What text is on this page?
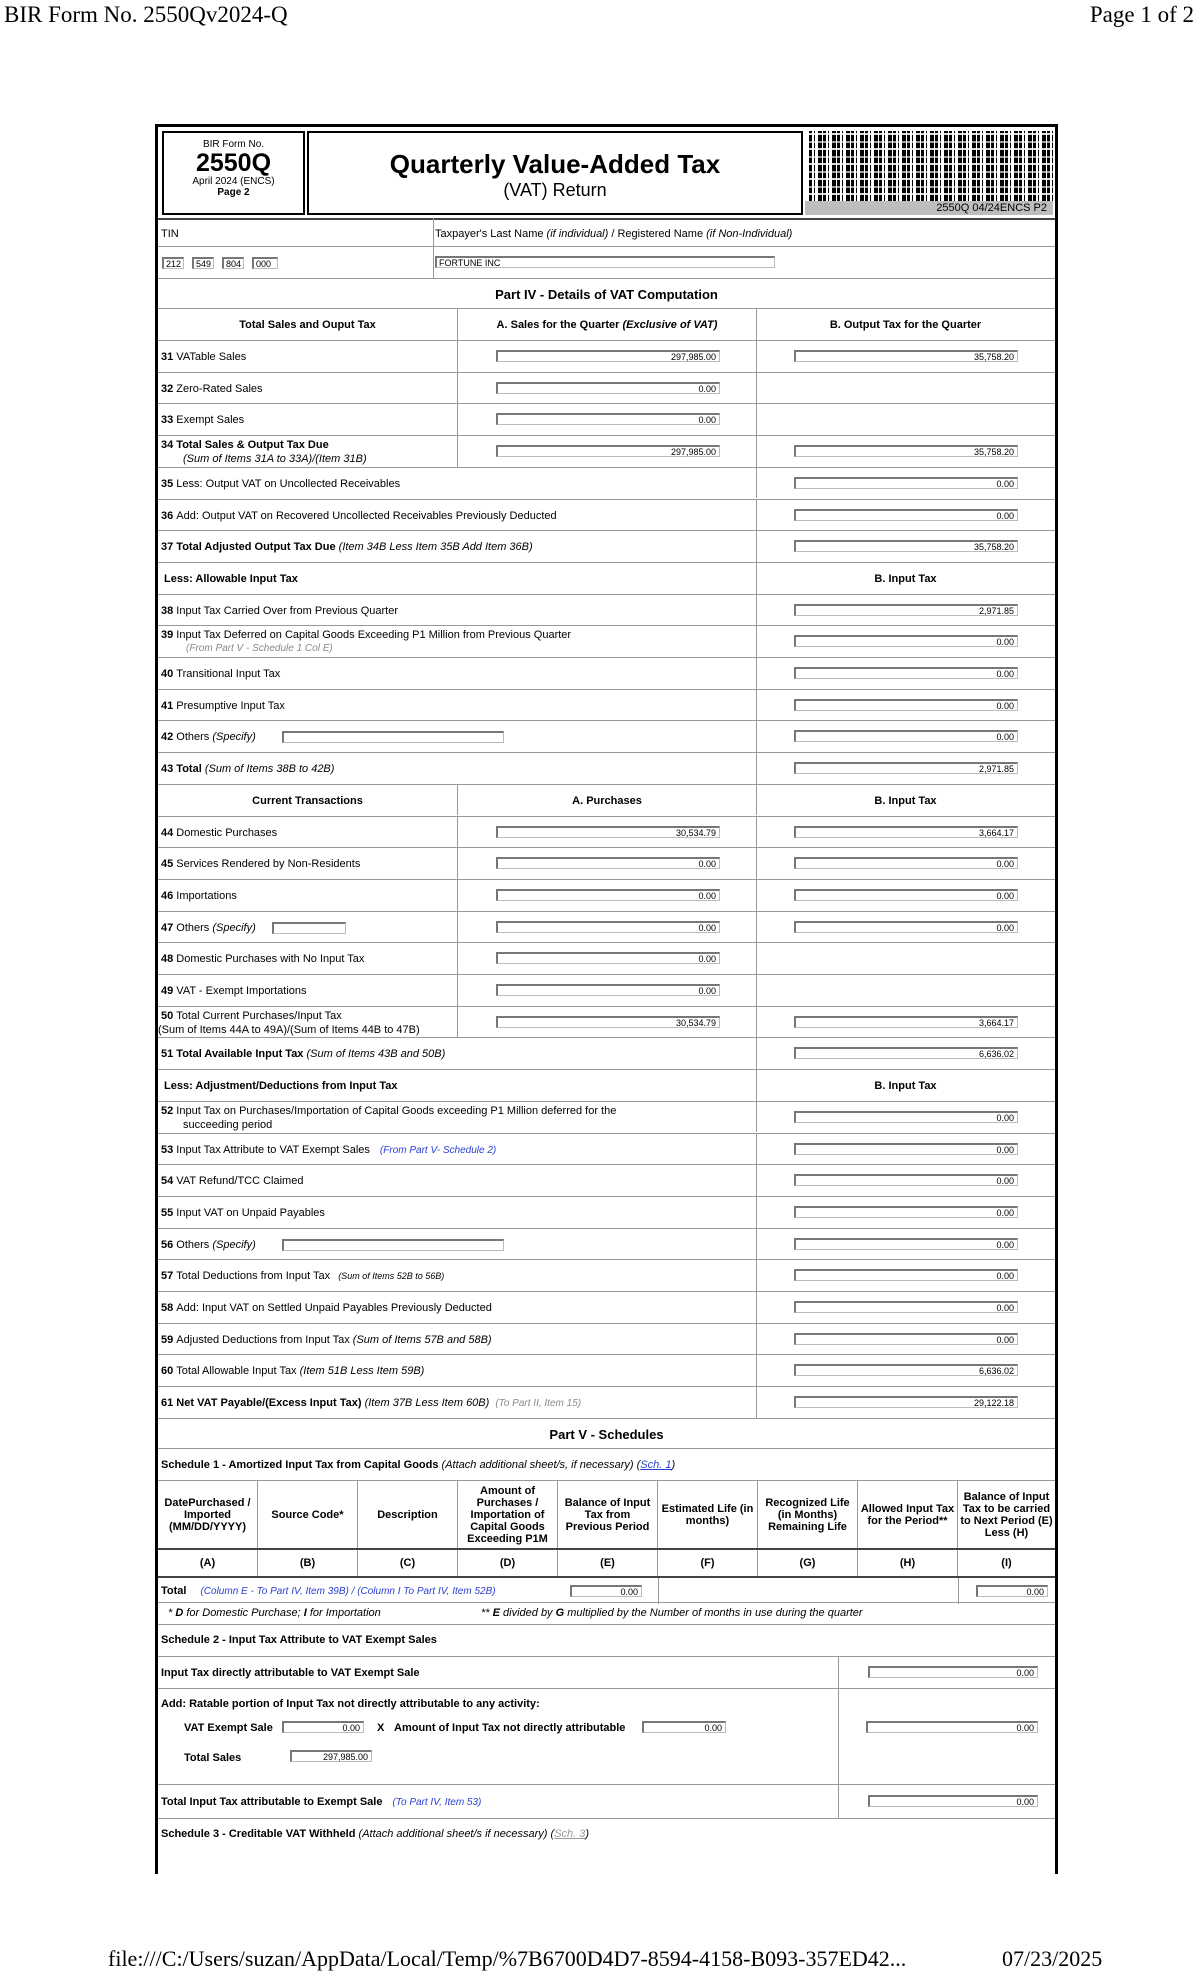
BIR Form No. 2550Qv2024-Q	Page 1 of 2
BIR Form No.
2550Q
April 2024 (ENCS)
Page 2
Quarterly Value-Added Tax
(VAT) Return
2550Q 04/24ENCS P2
TIN	Taxpayer's Last Name (if individual) / Registered Name (if Non-Individual)
212	549	804	000	FORTUNE INC
Part IV - Details of VAT Computation
Total Sales and Ouput Tax	A. Sales for the Quarter (Exclusive of VAT)	B. Output Tax for the Quarter
31 VATable Sales	297,985.00	35,758.20
32 Zero-Rated Sales	0.00
33 Exempt Sales	0.00
34 Total Sales & Output Tax Due
(Sum of Items 31A to 33A)/(Item 31B)
297,985.00	35,758.20
35 Less: Output VAT on Uncollected Receivables	0.00
36 Add: Output VAT on Recovered Uncollected Receivables Previously Deducted	0.00
37 Total Adjusted Output Tax Due (Item 34B Less Item 35B Add Item 36B)	35,758.20
Less: Allowable Input Tax	B. Input Tax
38 Input Tax Carried Over from Previous Quarter	2,971.85
39 Input Tax Deferred on Capital Goods Exceeding P1 Million from Previous Quarter
(From Part V - Schedule 1 Col E)
0.00
40 Transitional Input Tax	0.00
41 Presumptive Input Tax	0.00
42 Others (Specify)	0.00
43 Total (Sum of Items 38B to 42B)	2,971.85
Current Transactions	A. Purchases	B. Input Tax
44 Domestic Purchases	30,534.79	3,664.17
45 Services Rendered by Non-Residents	0.00	0.00
46 Importations	0.00	0.00
47 Others (Specify)	0.00	0.00
48 Domestic Purchases with No Input Tax	0.00
49 VAT - Exempt Importations	0.00
50 Total Current Purchases/Input Tax
(Sum of Items 44A to 49A)/(Sum of Items 44B to 47B)
30,534.79	3,664.17
51 Total Available Input Tax (Sum of Items 43B and 50B)	6,636.02
Less: Adjustment/Deductions from Input Tax	B. Input Tax
52 Input Tax on Purchases/Importation of Capital Goods exceeding P1 Million deferred for the
succeeding period
0.00
53 Input Tax Attribute to VAT Exempt Sales (From Part V- Schedule 2)	0.00
54 VAT Refund/TCC Claimed	0.00
55 Input VAT on Unpaid Payables	0.00
56 Others (Specify)	0.00
57 Total Deductions from Input Tax (Sum of Items 52B to 56B)	0.00
58 Add: Input VAT on Settled Unpaid Payables Previously Deducted	0.00
59 Adjusted Deductions from Input Tax (Sum of Items 57B and 58B)	0.00
60 Total Allowable Input Tax (Item 51B Less Item 59B)	6,636.02
61 Net VAT Payable/(Excess Input Tax) (Item 37B Less Item 60B) (To Part II, Item 15)	29,122.18
Part V - Schedules
Schedule 1 - Amortized Input Tax from Capital Goods (Attach additional sheet/s, if necessary) (Sch. 1)
DatePurchased / Imported (MM/DD/YYYY)
Source Code*	Description
Amount of Purchases / Importation of Capital Goods Exceeding P1M
Balance of Input Tax from Previous Period
Estimated Life (in months)
Recognized Life (in Months) Remaining Life
Allowed Input Tax for the Period**
Balance of Input Tax to be carried to Next Period (E) Less (H)
(A)	(B)	(C)	(D)	(E)	(F)	(G)	(H)	(I)
Total (Column E - To Part IV, Item 39B) / (Column I To Part IV, Item 52B)	0.00	0.00
* D for Domestic Purchase; I for Importation	** E divided by G multiplied by the Number of months in use during the quarter
Schedule 2 - Input Tax Attribute to VAT Exempt Sales
Input Tax directly attributable to VAT Exempt Sale	0.00
Add: Ratable portion of Input Tax not directly attributable to any activity:
VAT Exempt Sale	0.00	X Amount of Input Tax not directly attributable	0.00	0.00
Total Sales	297,985.00
Total Input Tax attributable to Exempt Sale (To Part IV, Item 53)	0.00
Schedule 3 - Creditable VAT Withheld (Attach additional sheet/s if necessary) (Sch. 3)
file:///C:/Users/suzan/AppData/Local/Temp/%7B6700D4D7-8594-4158-B093-357ED42...	07/23/2025
